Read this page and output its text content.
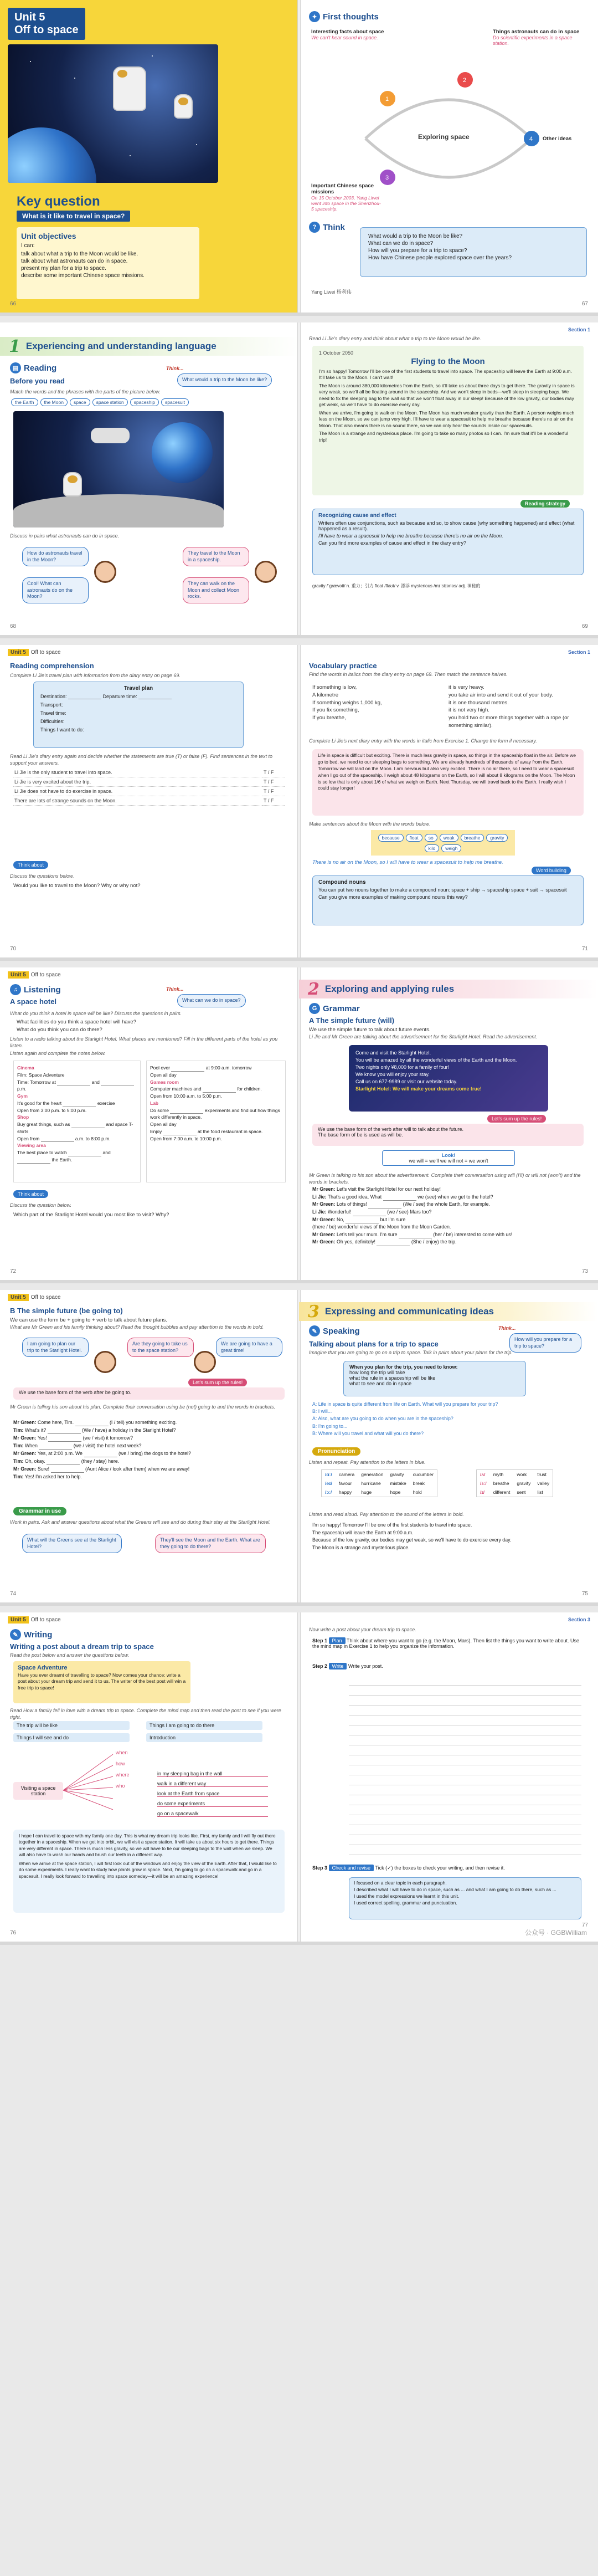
Unit 5
Off to space
Key question
What is it like to travel in space?
Unit objectives
I can:
talk about what a trip to the Moon would be like.
talk about what astronauts can do in space.
present my plan for a trip to space.
describe some important Chinese space missions.
66
✦ First thoughts
Interesting facts about space
We can't hear sound in space.
Things astronauts can do in space
Do scientific experiments in a space station.
1
2
3
4
Exploring space
Important Chinese space missions
On 15 October 2003, Yang Liwei went into space in the Shenzhou-5 spaceship.
Other ideas
? Think
What would a trip to the Moon be like?
What can we do in space?
How will you prepare for a trip to space?
How have Chinese people explored space over the years?
Yang Liwei 杨利伟
67
1 Experiencing and understanding language
▤ Reading
Before you read
Think...
What would a trip to the Moon be like?
Match the words and the phrases with the parts of the picture below.
the Earth the Moon space space station spaceship spacesuit
Discuss in pairs what astronauts can do in space.
How do astronauts travel in the Moon?
Cool! What can astronauts do on the Moon?
They travel to the Moon in a spaceship.
They can walk on the Moon and collect Moon rocks.
68
Section 1
Read Li Jie's diary entry and think about what a trip to the Moon would be like.
1 October 2050
Flying to the Moon
I'm so happy! Tomorrow I'll be one of the first students to travel into space. The spaceship will leave the Earth at 9:00 a.m. It'll take us to the Moon. I can't wait!
The Moon is around 380,000 kilometres from the Earth, so it'll take us about three days to get there. The gravity in space is very weak, so we'll all be floating around in the spaceship. And we won't sleep in beds—we'll sleep in sleeping bags. We need to fix the sleeping bag to the wall so that we won't float away in our sleep! Because of the low gravity, our bodies may get weak, so we'll have to do exercise every day.
When we arrive, I'm going to walk on the Moon. The Moon has much weaker gravity than the Earth. A person weighs much less on the Moon, so we can jump very high. I'll have to wear a spacesuit to help me breathe because there's no air on the Moon. That also means there is no sound there, so we can only hear the sounds inside our spacesuits.
The Moon is a strange and mysterious place. I'm going to take so many photos so I can. I'm sure that it'll be a wonderful trip!
Reading strategy
Recognizing cause and effect
Writers often use conjunctions, such as because and so, to show cause (why something happened) and effect (what happened as a result).
I'll have to wear a spacesuit to help me breathe because there's no air on the Moon.
Can you find more examples of cause and effect in the diary entry?
gravity /ˈɡrævəti/ n. 重力；引力 float /fləʊt/ v. 漂浮 mysterious /mɪˈstɪəriəs/ adj. 神秘的
69
Unit 5 Off to space
Reading comprehension
Complete Li Jie's travel plan with information from the diary entry on page 69.
Travel plan
Destination:	Departure time:
Transport:
Travel time:
Difficulties:
Things I want to do:
Read Li Jie's diary entry again and decide whether the statements are true (T) or false (F). Find sentences in the text to support your answers.
Li Jie is the only student to travel into space.	T / F
Li Jie is very excited about the trip.	T / F
Li Jie does not have to do exercise in space.	T / F
There are lots of strange sounds on the Moon.	T / F
Think about
Discuss the questions below.
Would you like to travel to the Moon? Why or why not?
70
Section 1
Vocabulary practice
Find the words in italics from the diary entry on page 69. Then match the sentence halves.
If something is low,
A kilometre
If something weighs 1,000 kg,
If you fix something,
If you breathe,
it is very heavy.
you take air into and send it out of your body.
it is one thousand metres.
it is not very high.
you hold two or more things together with a rope (or something similar).
Complete Li Jie's next diary entry with the words in italic from Exercise 1. Change the form if necessary.
Life in space is difficult but exciting. There is much less gravity in space, so things in the spaceship float in the air. Before we go to bed, we need to our sleeping bags to something. We are already hundreds of thousands of away from the Earth. Tomorrow we will land on the Moon. I am nervous but also very excited. There is no air there, so I need to wear a spacesuit when I go out of the spaceship. I weigh about 48 kilograms on the Earth, so I will about 8 kilograms on the Moon. The Moon is so low that is only about 1/6 of what we weigh on Earth. Next Thursday, we will travel back to the Earth. I really wish I could stay longer!
Make sentences about the Moon with the words below.
because float so weak breathe gravitykilo weigh
There is no air on the Moon, so I will have to wear a spacesuit to help me breathe.
Word building
Compound nouns
You can put two nouns together to make a compound noun: space + ship → spaceship space + suit → spacesuit
Can you give more examples of making compound nouns this way?
71
Unit 5 Off to space
♫ Listening
A space hotel
Think...
What can we do in space?
What do you think a hotel in space will be like? Discuss the questions in pairs.
What facilities do you think a space hotel will have?
What do you think you can do there?
Listen to a radio talking about the Starlight Hotel. What places are mentioned? Fill in the different parts of the hotel as you listen.
Listen again and complete the notes below.
Cinema
Film: Space Adventure
Time: Tomorrow at	and  p.m.
Gym
It's good for the heart	exercise
Open from 3:00 p.m. to 5:00 p.m.
Shop
Buy great things, such as	and space T-shirts
Open from	a.m. to 8:00 p.m.
Viewing area
The best place to watch	and  the Earth.
Pool over	at 9:00 a.m. tomorrow
Open all day
Games room
Computer machines and	for children.
Open from 10:00 a.m. to 5:00 p.m.
Lab
Do some	experiments and find out how things work differently in space.
Open all day
Enjoy	at the food restaurant in space.
Open from 7:00 a.m. to 10:00 p.m.
Think about
Discuss the question below.
Which part of the Starlight Hotel would you most like to visit? Why?
72
2 Exploring and applying rules
G Grammar
A The simple future (will)
We use the simple future to talk about future events.
Li Jie and Mr Green are talking about the advertisement for the Starlight Hotel. Read the advertisement.
Come and visit the Starlight Hotel.
You will be amazed by all the wonderful views of the Earth and the Moon.
Two nights only ¥8,000 for a family of four!
We know you will enjoy your stay.
Call us on 677-9989 or visit our website today.
Starlight Hotel: We will make your dreams come true!
Let's sum up the rules!
We use the base form of the verb after will to talk about the future.
The base form of be is used as will be.
Look!
we will = we'll we will not = we won't
Mr Green is talking to his son about the advertisement. Complete their conversation using will (I'll) or will not (won't) and the words in brackets.
Mr Green: Let's visit the Starlight Hotel for our next holiday!
Li Jie: That's a good idea. What	we (see) when we get to the hotel?
Mr Green: Lots of things!	(We / see) the whole Earth, for example.
Li Jie: Wonderful!	(we / see) Mars too?
Mr Green: No,	but I'm sure
(there / be) wonderful views of the Moon from the Moon Garden.
Mr Green: Let's tell your mum. I'm sure	(her / be) interested to come with us!
Mr Green: Oh yes, definitely!	(She / enjoy) the trip.
73
Unit 5 Off to space
B The simple future (be going to)
We can use the form be + going to + verb to talk about future plans.
What are Mr Green and his family thinking about? Read the thought bubbles and pay attention to the words in bold.
I am going to plan our trip to the Starlight Hotel.
Are they going to take us to the space station?
We are going to have a great time!
Let's sum up the rules!
We use the base form of the verb after be going to.
Mr Green is telling his son about his plan. Complete their conversation using be (not) going to and the words in brackets.
Mr Green: Come here, Tim.	(I / tell) you something exciting.
Tim: What's it?	(We / have) a holiday in the Starlight Hotel?
Mr Green: Yes!	(we / visit) it tomorrow?
Tim: When	(we / visit) the hotel next week?
Mr Green: Yes, at 2:00 p.m. We	(we / bring) the dogs to the hotel?
Tim: Oh, okay.	(they / stay) here.
Mr Green: Sure!	(Aunt Alice / look after them) when we are away!
Tim: Yes! I'm asked her to help.
Grammar in use
Work in pairs. Ask and answer questions about what the Greens will see and do during their stay at the Starlight Hotel.
What will the Greens see at the Starlight Hotel?
They'll see the Moon and the Earth. What are they going to do there?
74
3 Expressing and communicating ideas
✎ Speaking	Think...
How will you prepare for a trip to space?
Talking about plans for a trip to space
Imagine that you are going to go on a trip to space. Talk in pairs about your plans for the trip.
When you plan for the trip, you need to know:
how long the trip will take
what the rule in a spaceship will be like
what to see and do in space
A: Life in space is quite different from life on Earth. What will you prepare for your trip?
B: I will...
A: Also, what are you going to do when you are in the spaceship?
B: I'm going to...
B: Where will you travel and what will you do there?
Pronunciation
Listen and repeat. Pay attention to the letters in blue.
/ɑː/	camera	generation	gravity	cucumber
/eɪ/	favour	hurricane	mistake	break
/ɔː/	happy	huge	hope	hold
/ʌ/	myth	work	trust
/ɜː/	breathe	gravity	valley
/ɪ/	different	sent	list
Listen and read aloud. Pay attention to the sound of the letters in bold.
I'm so happy! Tomorrow I'll be one of the first students to travel into space.
The spaceship will leave the Earth at 9:00 a.m.
Because of the low gravity, our bodies may get weak, so we'll have to do exercise every day.
The Moon is a strange and mysterious place.
75
Unit 5 Off to space
✎ Writing
Writing a post about a dream trip to space
Read the post below and answer the questions below.
Space Adventure
Have you ever dreamt of travelling to space? Now comes your chance: write a post about your dream trip and send it to us. The writer of the best post will win a free trip to space!
Read How a family fell in love with a dream trip to space. Complete the mind map and then read the post to see if you were right.
The trip will be like
Things I will see and do
Things I am going to do there
Introduction
Visiting a space station
when
how
where
who
in my sleeping bag in the wall
walk in a different way
look at the Earth from space
do some experiments
go on a spacewalk
I hope I can travel to space with my family one day. This is what my dream trip looks like. First, my family and I will fly out there together in a spaceship. When we get into orbit, we will visit a space station. It will take us about six hours to get there. Things are very different in space. There is much less gravity, so we will have to tie our sleeping bags to the wall when we sleep. We will also have to wash our hands and brush our teeth in a different way.
When we arrive at the space station, I will first look out of the windows and enjoy the view of the Earth. After that, I would like to do some experiments. I really want to study how plants grow in space. Next, I'm going to go on a spacewalk and go in a spacesuit. I really look forward to travelling into space someday—it will be an amazing experience!
76
Section 3
Now write a post about your dream trip to space.
Step 1 Plan Think about where you want to go (e.g. the Moon, Mars). Then list the things you want to write about. Use the mind map in Exercise 1 to help you organize the information.
Step 2 Write Write your post.
Step 3 Check and revise Tick (✓) the boxes to check your writing, and then revise it.
I focused on a clear topic in each paragraph.
I described what I will have to do in space, such as ... and what I am going to do there, such as ...
I used the model expressions we learnt in this unit.
I used correct spelling, grammar and punctuation.
公众号 · GGBWilliam
77
